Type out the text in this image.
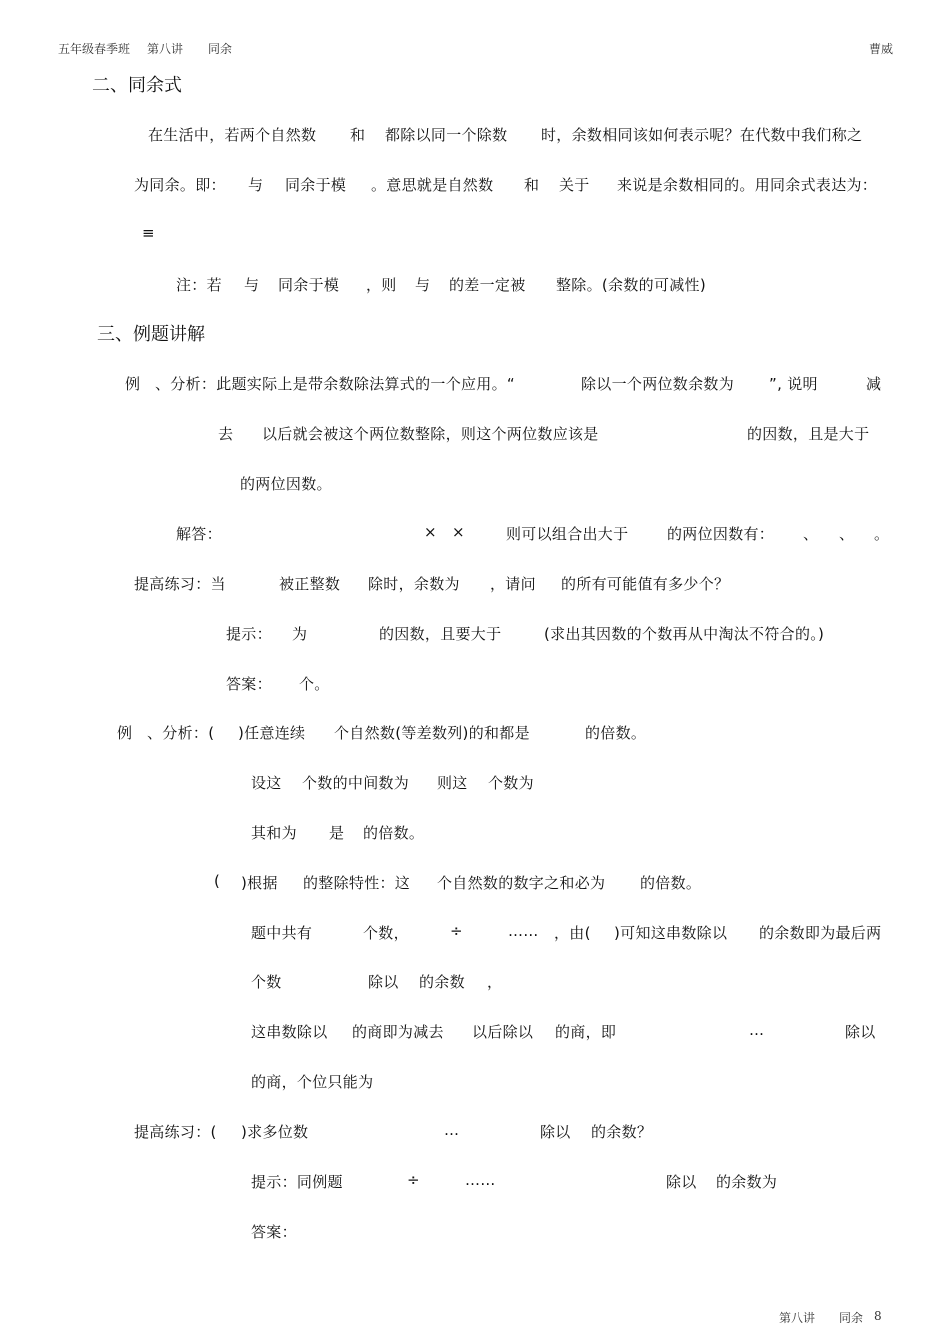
五年级春季班 第八讲 同余	曹威
二、同余式
在生活中，若两个自然数 和 都除以同一个除数 时，余数相同该如何表示呢？在代数中我们称之
为同余。即： 与 同余于模 。意思就是自然数 和 关于 来说是余数相同的。用同余式表达为：
≡
注：若 与 同余于模 ，则 与 的差一定被 整除。(余数的可减性)
三、例题讲解
例 、分析：此题实际上是带余数除法算式的一个应用。“	除以一个两位数余数为 ”, 说明	减
去 以后就会被这个两位数整除，则这个两位数应该是	的因数，且是大于
的两位因数。
解答：	× ×	则可以组合出大于	的两位因数有： 、 、 。
提高练习：当	被正整数 除时，余数为 ，请问 的所有可能值有多少个？
提示： 为	的因数，且要大于	(求出其因数的个数再从中淘汰不符合的。)
答案： 个。
例 、分析：( )任意连续 个自然数(等差数列)的和都是	的倍数。
设这 个数的中间数为 则这 个数为
其和为 是 的倍数。
( )根据 的整除特性：这 个自然数的数字之和必为 的倍数。
题中共有	个数，	÷	…… ，由( )可知这串数除以 的余数即为最后两
个数	除以 的余数 ，
这串数除以 的商即为减去 以后除以 的商，即	…	除以
的商，个位只能为
提高练习：( )求多位数	…	除以 的余数？
提示：同例题	÷	……	除以 的余数为
答案：
第八讲 同余 8
